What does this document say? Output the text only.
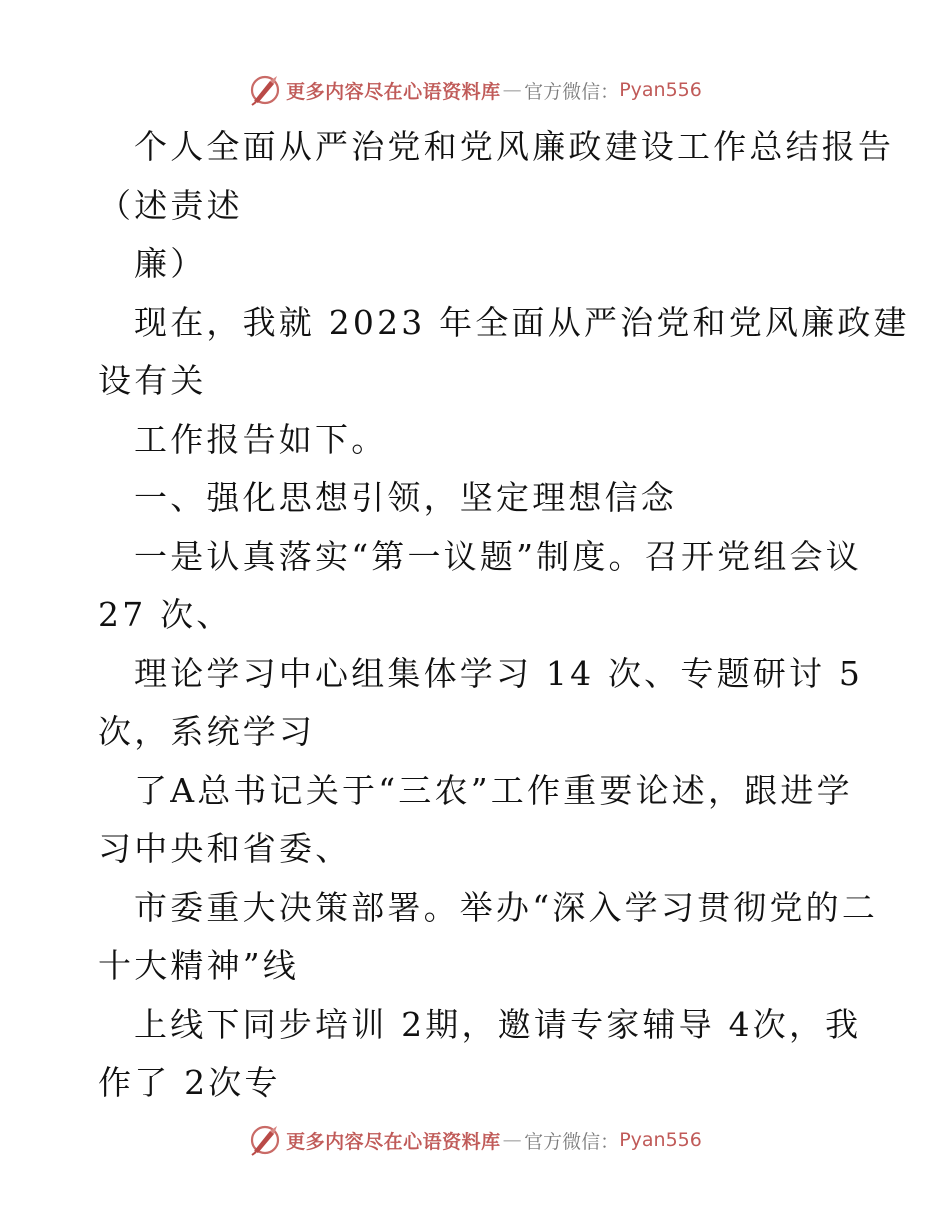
更多内容尽在心语资料库 — 官方微信： Pyan556
个人全面从严治党和党风廉政建设工作总结报告
（述责述
廉）
现在，我就 2023 年全面从严治党和党风廉政建
设有关
工作报告如下。
一、强化思想引领，坚定理想信念
一是认真落实“第一议题”制度。召开党组会议
27 次、
理论学习中心组集体学习 14 次、专题研讨 5
次，系统学习
了A总书记关于“三农”工作重要论述，跟进学
习中央和省委、
市委重大决策部署。举办“深入学习贯彻党的二
十大精神”线
上线下同步培训 2期，邀请专家辅导 4次，我
作了 2次专
更多内容尽在心语资料库 — 官方微信： Pyan556
